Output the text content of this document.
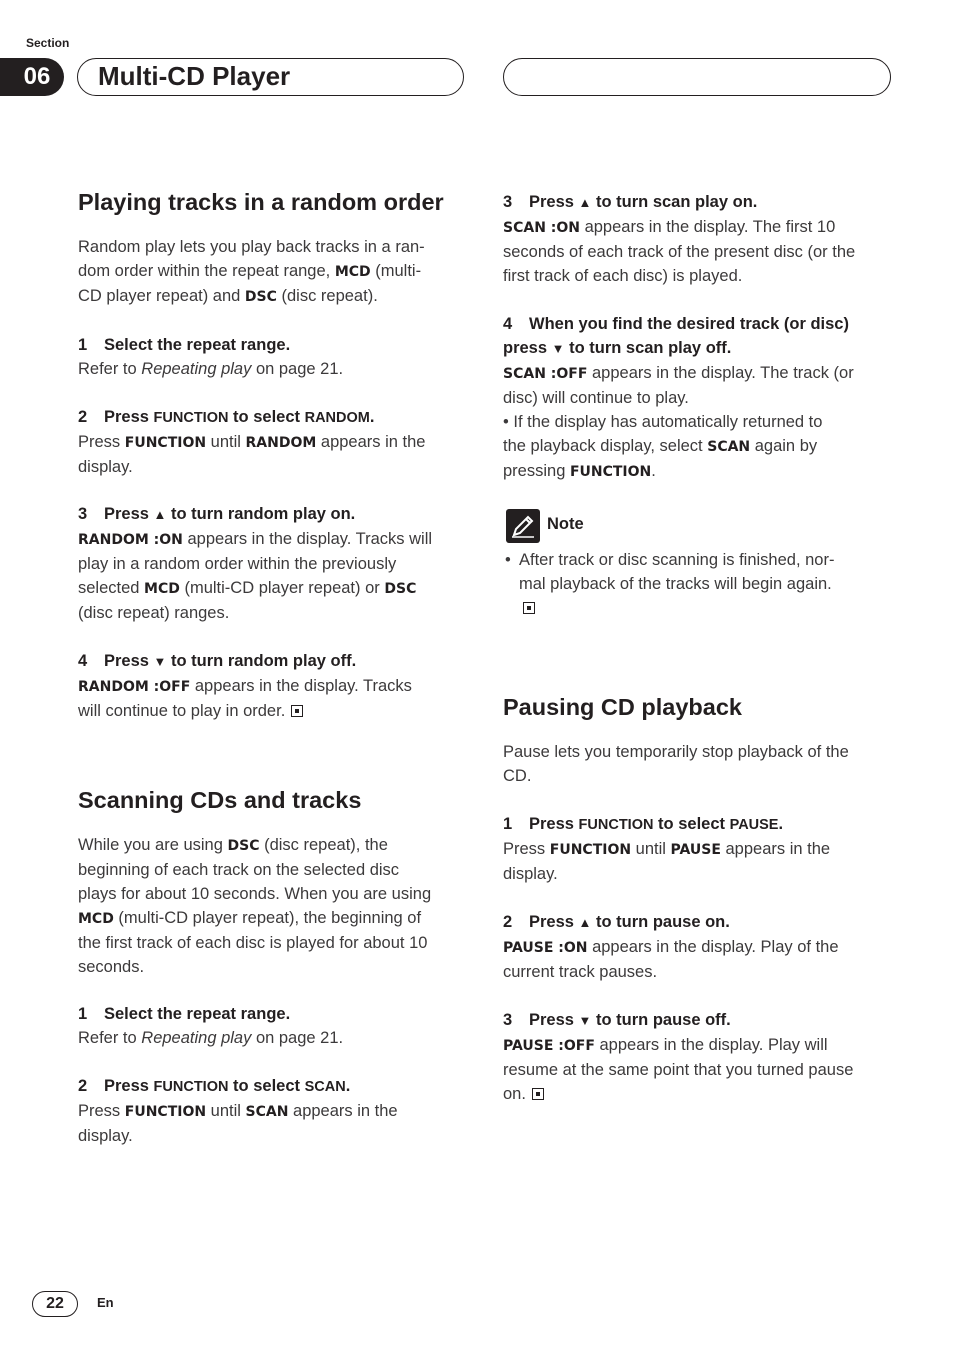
Section
06	Multi-CD Player
Playing tracks in a random order

Random play lets you play back tracks in a ran-
dom order within the repeat range, MCD (multi-
CD player repeat) and DSC (disc repeat).

1 Select the repeat range.

Refer to Repeating play on page 21.

2 Press FUNCTION to select RANDOM.

Press FUNCTION until RANDOM appears in the
display.

3 Press ▲ to turn random play on.

RANDOM :ON appears in the display. Tracks will
play in a random order within the previously
selected MCD (multi-CD player repeat) or DSC
(disc repeat) ranges.

4 Press ▼ to turn random play off.

RANDOM :OFF appears in the display. Tracks
will continue to play in order.

Scanning CDs and tracks

While you are using DSC (disc repeat), the
beginning of each track on the selected disc
plays for about 10 seconds. When you are using
MCD (multi-CD player repeat), the beginning of
the first track of each disc is played for about 10
seconds.

1 Select the repeat range.

Refer to Repeating play on page 21.

2 Press FUNCTION to select SCAN.

Press FUNCTION until SCAN appears in the
display.

3 Press ▲ to turn scan play on.

SCAN :ON appears in the display. The first 10
seconds of each track of the present disc (or the
first track of each disc) is played.

4 When you find the desired track (or disc)
press ▼ to turn scan play off.

SCAN :OFF appears in the display. The track (or
disc) will continue to play.
• If the display has automatically returned to
the playback display, select SCAN again by
pressing FUNCTION.

Note

• After track or disc scanning is finished, nor-
mal playback of the tracks will begin again.

Pausing CD playback

Pause lets you temporarily stop playback of the
CD.

1 Press FUNCTION to select PAUSE.

Press FUNCTION until PAUSE appears in the
display.

2 Press ▲ to turn pause on.

PAUSE :ON appears in the display. Play of the
current track pauses.

3 Press ▼ to turn pause off.

PAUSE :OFF appears in the display. Play will
resume at the same point that you turned pause
on.

22	En
